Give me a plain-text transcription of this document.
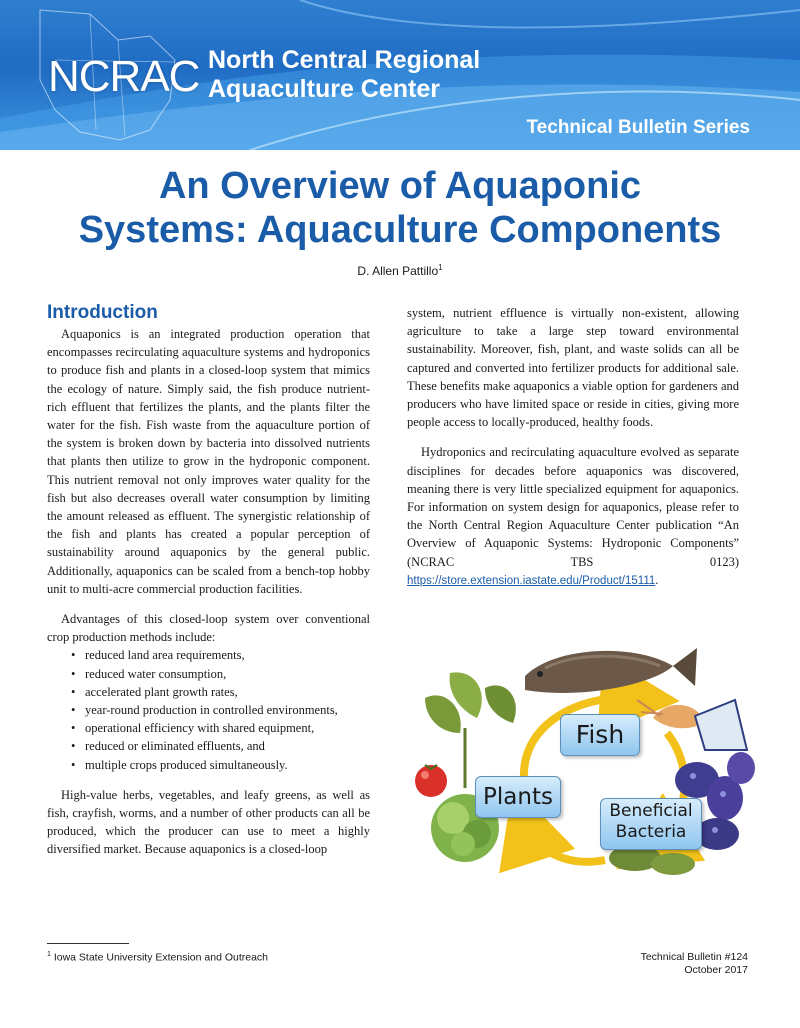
NCRAC North Central Regional
Aquaculture Center
Technical Bulletin Series
An Overview of Aquaponic
Systems: Aquaculture Components
D. Allen Pattillo$^1$
Introduction

Aquaponics is an integrated production operation that encompasses recirculating aquaculture systems and hydroponics to produce fish and plants in a closed-loop system that mimics the ecology of nature. Simply said, the fish produce nutrient-rich effluent that fertilizes the plants, and the plants filter the water for the fish. Fish waste from the aquaculture portion of the system is broken down by bacteria into dissolved nutrients that plants then utilize to grow in the hydroponic component. This nutrient removal not only improves water quality for the fish but also decreases overall water consumption by limiting the amount released as effluent. The synergistic relationship of the fish and plants has created a popular perception of sustainability around aquaponics by the general public. Additionally, aquaponics can be scaled from a bench-top hobby unit to multi-acre commercial production facilities.

Advantages of this closed-loop system over conventional crop production methods include:

• reduced land area requirements,
• reduced water consumption,
• accelerated plant growth rates,
• year-round production in controlled environments,
• operational efficiency with shared equipment,
• reduced or eliminated effluents, and
• multiple crops produced simultaneously.

High-value herbs, vegetables, and leafy greens, as well as fish, crayfish, worms, and a number of other products can all be produced, which the producer can use to meet a highly diversified market. Because aquaponics is a closed-loop

system, nutrient effluence is virtually non-existent, allowing agriculture to take a large step toward environmental sustainability. Moreover, fish, plant, and waste solids can all be captured and converted into fertilizer products for additional sale. These benefits make aquaponics a viable option for gardeners and producers who have limited space or reside in cities, giving more people access to locally-produced, healthy foods.

Hydroponics and recirculating aquaculture evolved as separate disciplines for decades before aquaponics was discovered, meaning there is very little specialized equipment for aquaponics. For information on system design for aquaponics, please refer to the North Central Region Aquaculture Center publication “An Overview of Aquaponic Systems: Hydroponic Components” (NCRAC TBS 0123) https://store.extension.iastate.edu/Product/15111.

Fish
Plants
Beneficial
Bacteria
$^1$ Iowa State University Extension and Outreach	Technical Bulletin #124
October 2017
